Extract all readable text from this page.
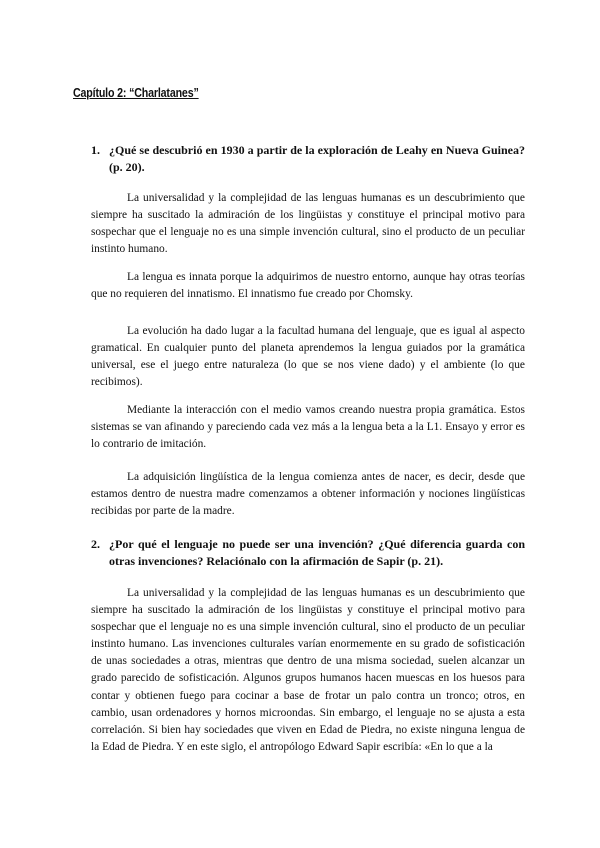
Capítulo 2: “Charlatanes”
1. ¿Qué se descubrió en 1930 a partir de la exploración de Leahy en Nueva Guinea? (p. 20).

La universalidad y la complejidad de las lenguas humanas es un descubrimiento que siempre ha suscitado la admiración de los lingüistas y constituye el principal motivo para sospechar que el lenguaje no es una simple invención cultural, sino el producto de un peculiar instinto humano.

La lengua es innata porque la adquirimos de nuestro entorno, aunque hay otras teorías que no requieren del innatismo. El innatismo fue creado por Chomsky.

La evolución ha dado lugar a la facultad humana del lenguaje, que es igual al aspecto gramatical. En cualquier punto del planeta aprendemos la lengua guiados por la gramática universal, ese el juego entre naturaleza (lo que se nos viene dado) y el ambiente (lo que recibimos).

Mediante la interacción con el medio vamos creando nuestra propia gramática. Estos sistemas se van afinando y pareciendo cada vez más a la lengua beta a la L1. Ensayo y error es lo contrario de imitación.

La adquisición lingüística de la lengua comienza antes de nacer, es decir, desde que estamos dentro de nuestra madre comenzamos a obtener información y nociones lingüísticas recibidas por parte de la madre.

2. ¿Por qué el lenguaje no puede ser una invención? ¿Qué diferencia guarda con otras invenciones? Relaciónalo con la afirmación de Sapir (p. 21).

La universalidad y la complejidad de las lenguas humanas es un descubrimiento que siempre ha suscitado la admiración de los lingüistas y constituye el principal motivo para sospechar que el lenguaje no es una simple invención cultural, sino el producto de un peculiar instinto humano. Las invenciones culturales varían enormemente en su grado de sofisticación de unas sociedades a otras, mientras que dentro de una misma sociedad, suelen alcanzar un grado parecido de sofisticación. Algunos grupos humanos hacen muescas en los huesos para contar y obtienen fuego para cocinar a base de frotar un palo contra un tronco; otros, en cambio, usan ordenadores y hornos microondas. Sin embargo, el lenguaje no se ajusta a esta correlación. Si bien hay sociedades que viven en Edad de Piedra, no existe ninguna lengua de la Edad de Piedra. Y en este siglo, el antropólogo Edward Sapir escribía: «En lo que a la
